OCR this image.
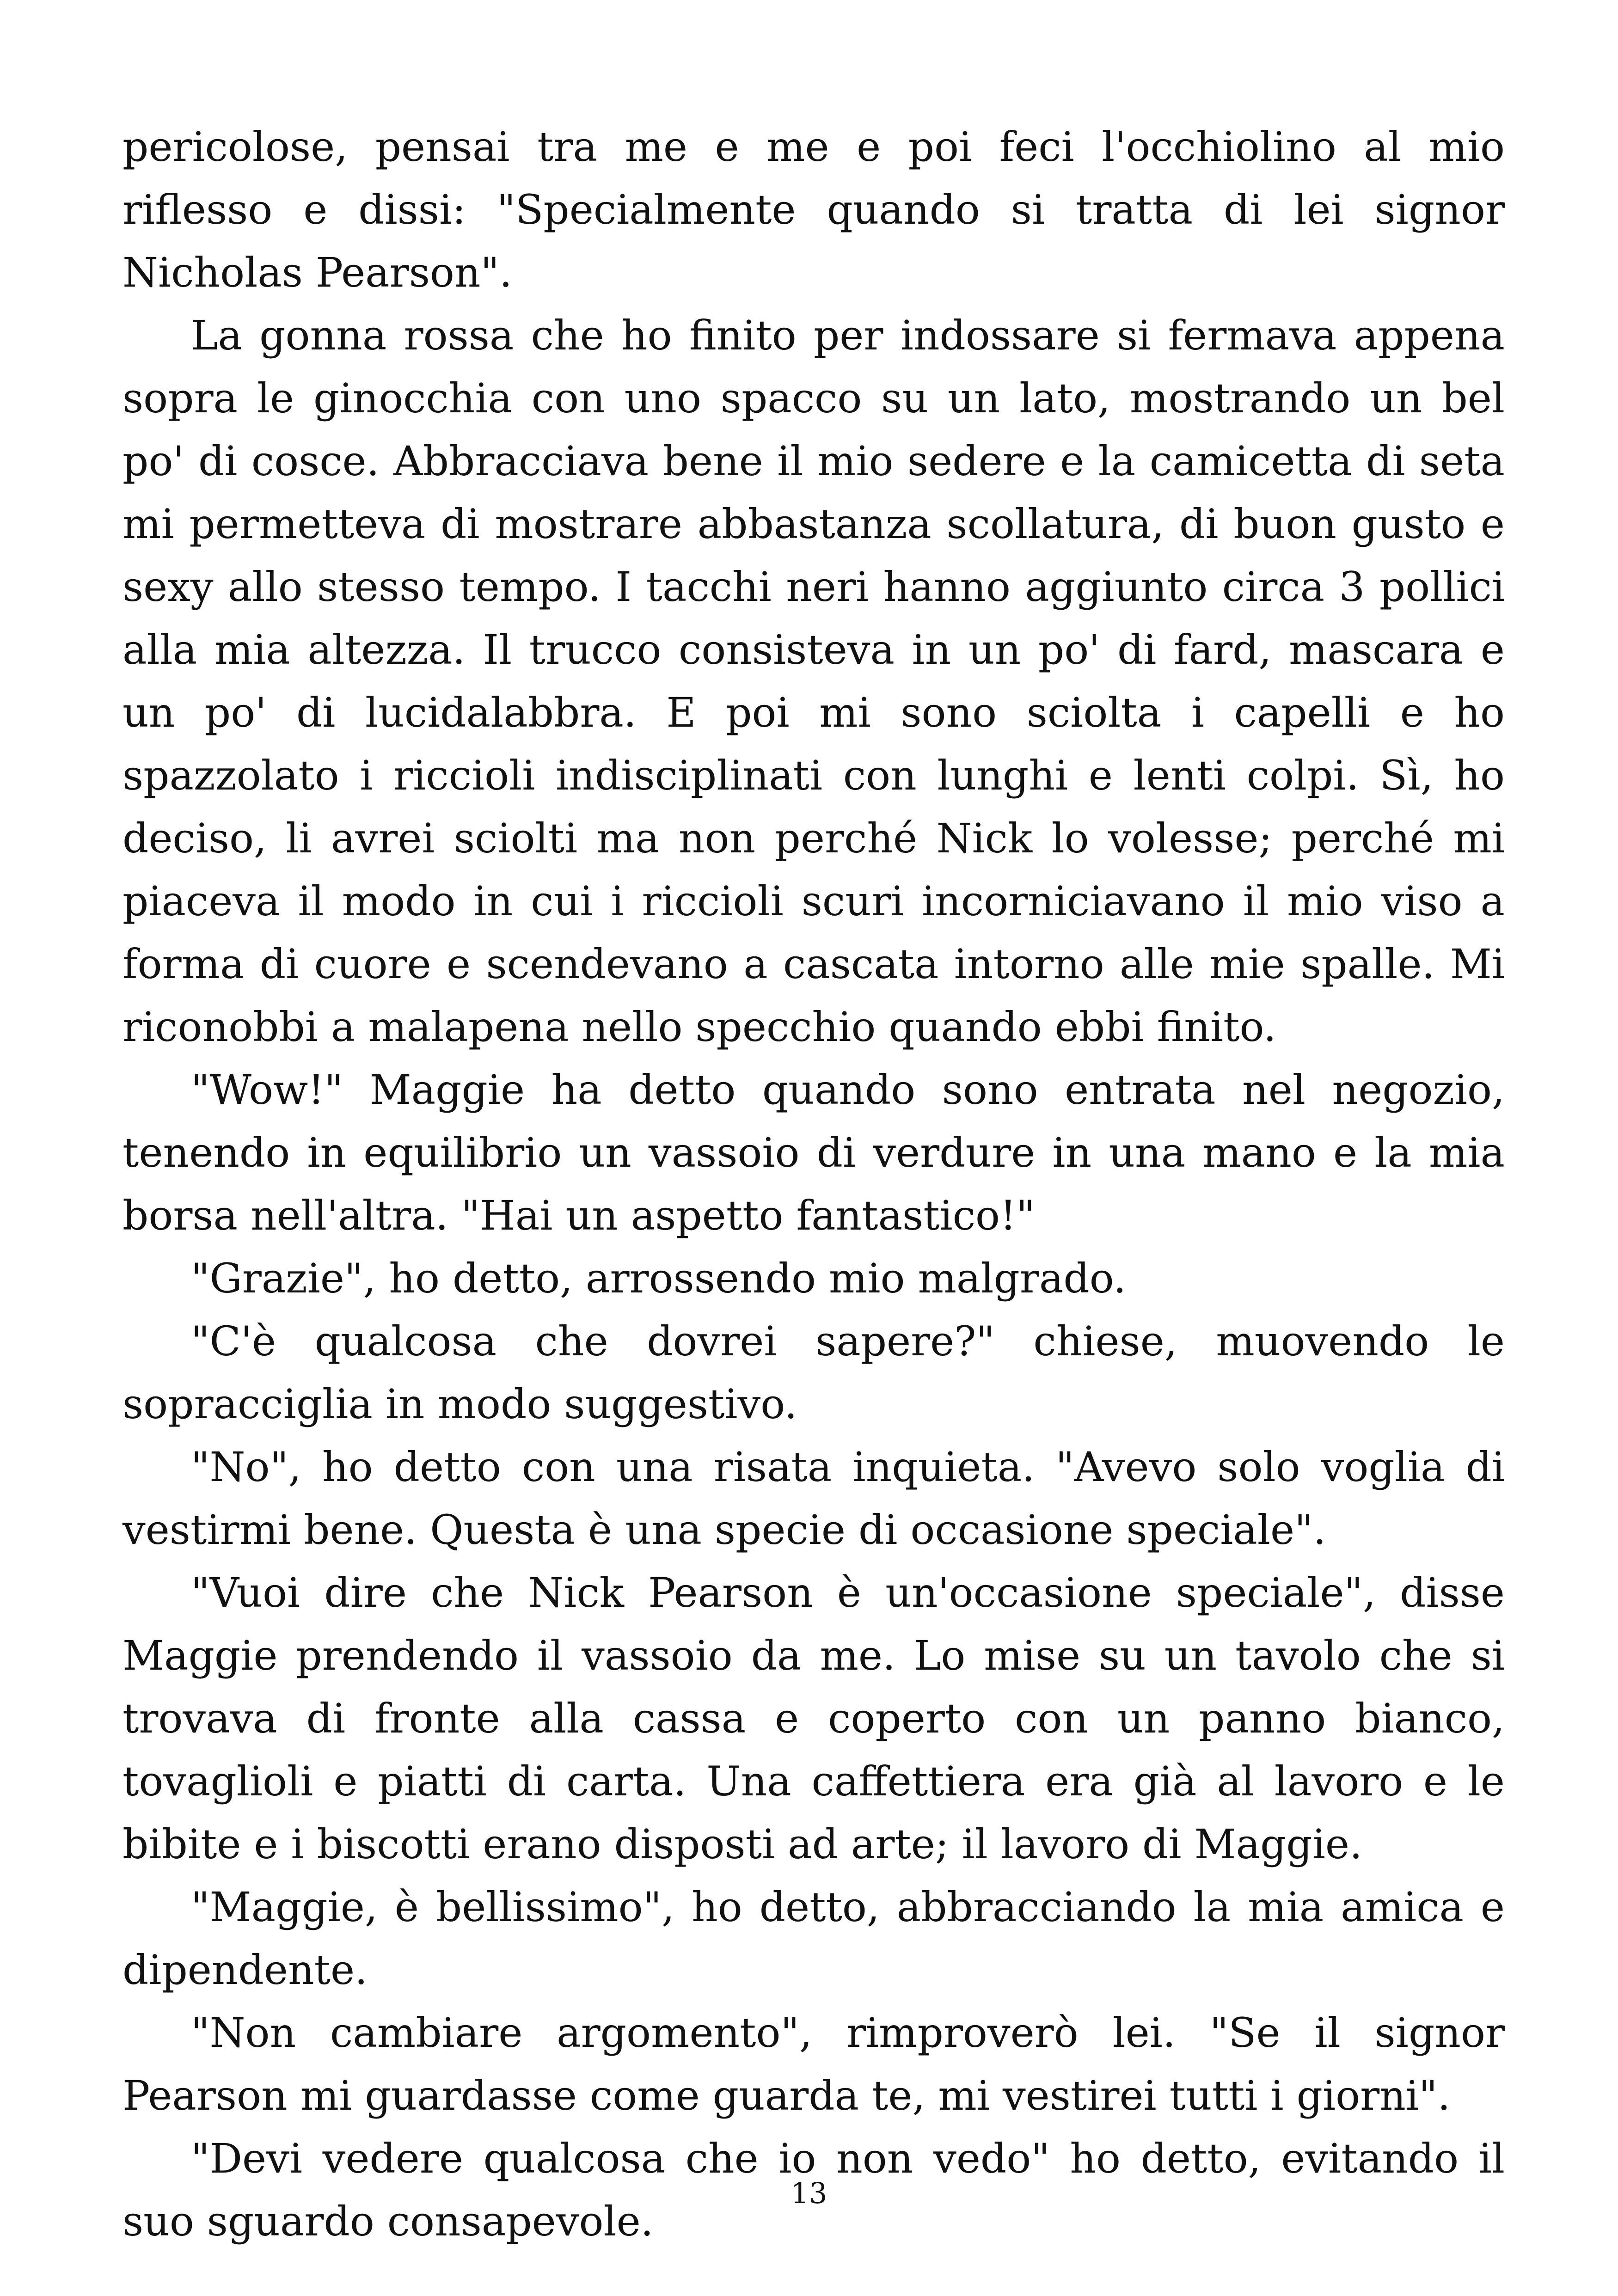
pericolose, pensai tra me e me e poi feci l'occhiolino al mio riflesso e dissi: "Specialmente quando si tratta di lei signor Nicholas Pearson".

La gonna rossa che ho finito per indossare si fermava appena sopra le ginocchia con uno spacco su un lato, mostrando un bel po' di cosce. Abbracciava bene il mio sedere e la camicetta di seta mi permetteva di mostrare abbastanza scollatura, di buon gusto e sexy allo stesso tempo. I tacchi neri hanno aggiunto circa 3 pollici alla mia altezza. Il trucco consisteva in un po' di fard, mascara e un po' di lucidalabbra. E poi mi sono sciolta i capelli e ho spazzolato i riccioli indisciplinati con lunghi e lenti colpi. Sì, ho deciso, li avrei sciolti ma non perché Nick lo volesse; perché mi piaceva il modo in cui i riccioli scuri incorniciavano il mio viso a forma di cuore e scendevano a cascata intorno alle mie spalle. Mi riconobbi a malapena nello specchio quando ebbi finito.

"Wow!" Maggie ha detto quando sono entrata nel negozio, tenendo in equilibrio un vassoio di verdure in una mano e la mia borsa nell'altra. "Hai un aspetto fantastico!"

"Grazie", ho detto, arrossendo mio malgrado.

"C'è qualcosa che dovrei sapere?" chiese, muovendo le sopracciglia in modo suggestivo.

"No", ho detto con una risata inquieta. "Avevo solo voglia di vestirmi bene. Questa è una specie di occasione speciale".

"Vuoi dire che Nick Pearson è un'occasione speciale", disse Maggie prendendo il vassoio da me. Lo mise su un tavolo che si trovava di fronte alla cassa e coperto con un panno bianco, tovaglioli e piatti di carta. Una caffettiera era già al lavoro e le bibite e i biscotti erano disposti ad arte; il lavoro di Maggie.

"Maggie, è bellissimo", ho detto, abbracciando la mia amica e dipendente.

"Non cambiare argomento", rimproverò lei. "Se il signor Pearson mi guardasse come guarda te, mi vestirei tutti i giorni".

"Devi vedere qualcosa che io non vedo" ho detto, evitando il suo sguardo consapevole.

13
